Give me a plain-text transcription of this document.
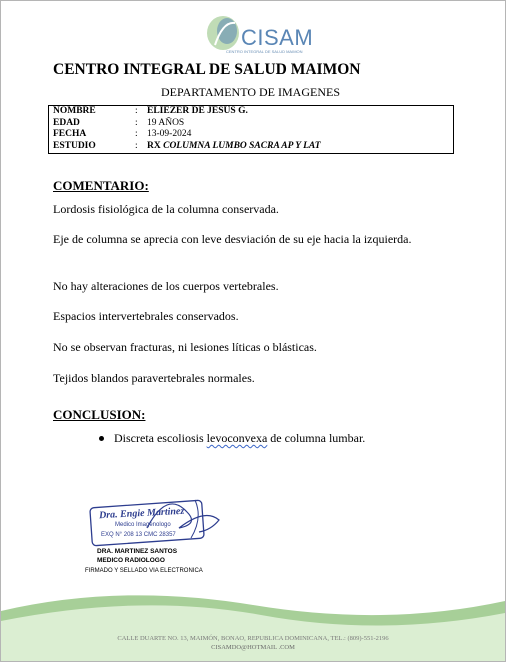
CISAM
CENTRO INTEGRAL DE SALUD MAIMON
CENTRO INTEGRAL DE SALUD MAIMON
DEPARTAMENTO DE IMAGENES
NOMBRE	:	ELIEZER DE JESUS G.
EDAD	:	19 AÑOS
FECHA	:	13-09-2024
ESTUDIO	:	RX COLUMNA LUMBO SACRA AP Y LAT
COMENTARIO:
Lordosis fisiológica de la columna conservada.
Eje de columna se aprecia con leve desviación de su eje hacia la izquierda.
No hay alteraciones de los cuerpos vertebrales.
Espacios intervertebrales conservados.
No se observan fracturas, ni lesiones líticas o blásticas.
Tejidos blandos paravertebrales normales.
CONCLUSION:
Discreta escoliosis levoconvexa de columna lumbar.
Dra. Engie Martinez
Medico Imagenologo
EXQ N° 208 13 CMC 28357
DRA. MARTINEZ SANTOS
MEDICO RADIOLOGO
FIRMADO Y SELLADO VIA ELECTRONICA
CALLE DUARTE NO. 13, MAIMÓN, BONAO, REPUBLICA DOMINICANA, TEL.: (809)-551-2196
CISAMDO@HOTMAIL .COM
